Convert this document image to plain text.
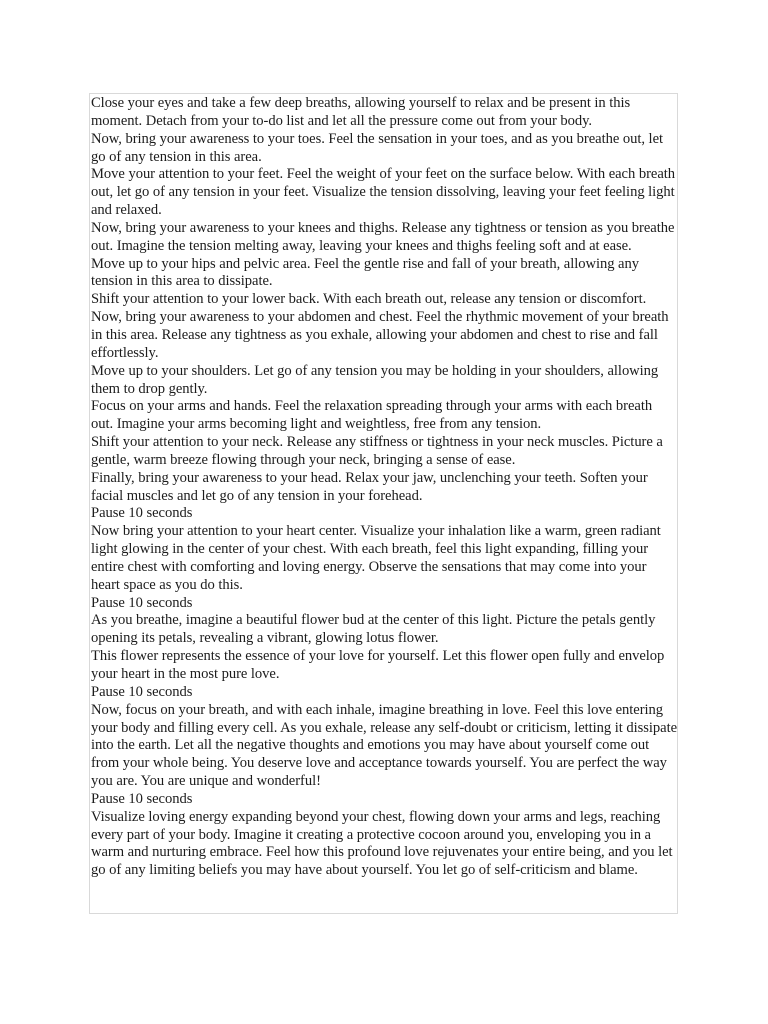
Close your eyes and take a few deep breaths, allowing yourself to relax and be present in this moment. Detach from your to-do list and let all the pressure come out from your body.

Now, bring your awareness to your toes. Feel the sensation in your toes, and as you breathe out, let go of any tension in this area.

Move your attention to your feet. Feel the weight of your feet on the surface below. With each breath out, let go of any tension in your feet. Visualize the tension dissolving, leaving your feet feeling light and relaxed.

Now, bring your awareness to your knees and thighs. Release any tightness or tension as you breathe out. Imagine the tension melting away, leaving your knees and thighs feeling soft and at ease.

Move up to your hips and pelvic area. Feel the gentle rise and fall of your breath, allowing any tension in this area to dissipate.

Shift your attention to your lower back. With each breath out, release any tension or discomfort.

Now, bring your awareness to your abdomen and chest. Feel the rhythmic movement of your breath in this area. Release any tightness as you exhale, allowing your abdomen and chest to rise and fall effortlessly.

Move up to your shoulders. Let go of any tension you may be holding in your shoulders, allowing them to drop gently.

Focus on your arms and hands. Feel the relaxation spreading through your arms with each breath out. Imagine your arms becoming light and weightless, free from any tension.

Shift your attention to your neck. Release any stiffness or tightness in your neck muscles. Picture a gentle, warm breeze flowing through your neck, bringing a sense of ease.

Finally, bring your awareness to your head. Relax your jaw, unclenching your teeth. Soften your facial muscles and let go of any tension in your forehead.

Pause 10 seconds

Now bring your attention to your heart center. Visualize your inhalation like a warm, green radiant light glowing in the center of your chest. With each breath, feel this light expanding, filling your entire chest with comforting and loving energy. Observe the sensations that may come into your heart space as you do this.

Pause 10 seconds

As you breathe, imagine a beautiful flower bud at the center of this light. Picture the petals gently opening its petals, revealing a vibrant, glowing lotus flower.

This flower represents the essence of your love for yourself. Let this flower open fully and envelop your heart in the most pure love.

Pause 10 seconds

Now, focus on your breath, and with each inhale, imagine breathing in love. Feel this love entering your body and filling every cell. As you exhale, release any self-doubt or criticism, letting it dissipate into the earth. Let all the negative thoughts and emotions you may have about yourself come out from your whole being. You deserve love and acceptance towards yourself. You are perfect the way you are. You are unique and wonderful!

Pause 10 seconds

Visualize loving energy expanding beyond your chest, flowing down your arms and legs, reaching every part of your body. Imagine it creating a protective cocoon around you, enveloping you in a warm and nurturing embrace. Feel how this profound love rejuvenates your entire being, and you let go of any limiting beliefs you may have about yourself. You let go of self-criticism and blame.
